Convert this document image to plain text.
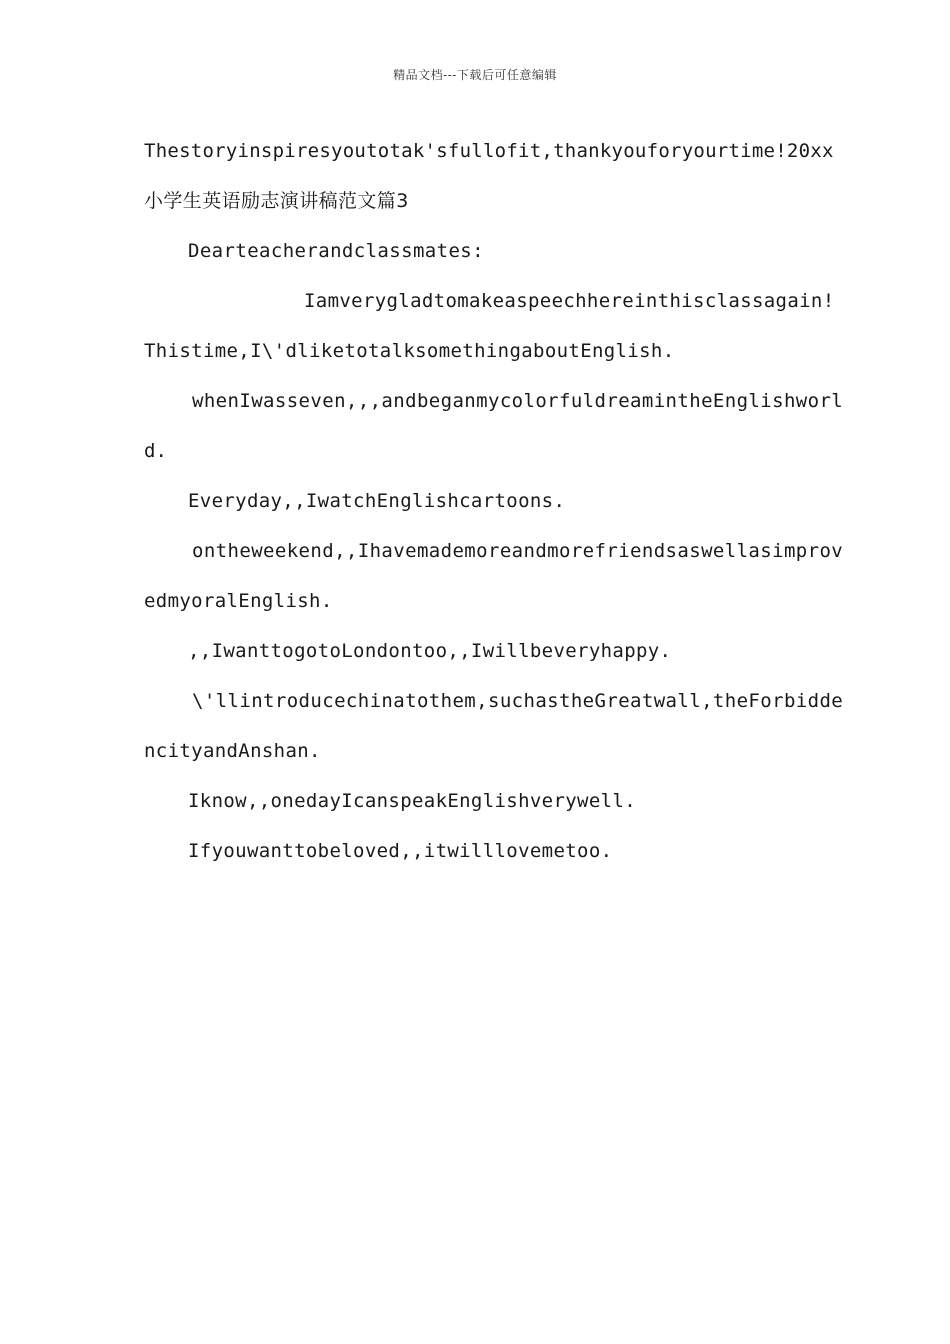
精品文档---下载后可任意编辑
Thestoryinspiresyoutotak'sfullofit,thankyouforyourtime!20xx
小学生英语励志演讲稿范文篇3
Dearteacherandclassmates:
Iamverygladtomakeaspeechhereinthisclassagain!
Thistime,I\'dliketotalksomethingaboutEnglish.
whenIwasseven,,,andbeganmycolorfuldreamintheEnglishworl
d.
Everyday,,IwatchEnglishcartoons.
ontheweekend,,Ihavemademoreandmorefriendsaswellasimprov
edmyoralEnglish.
,,IwanttogotoLondontoo,,Iwillbeveryhappy.
\'llintroducechinatothem,suchastheGreatwall,theForbidde
ncityandAnshan.
Iknow,,onedayIcanspeakEnglishverywell.
Ifyouwanttobeloved,,itwilllovemetoo.
